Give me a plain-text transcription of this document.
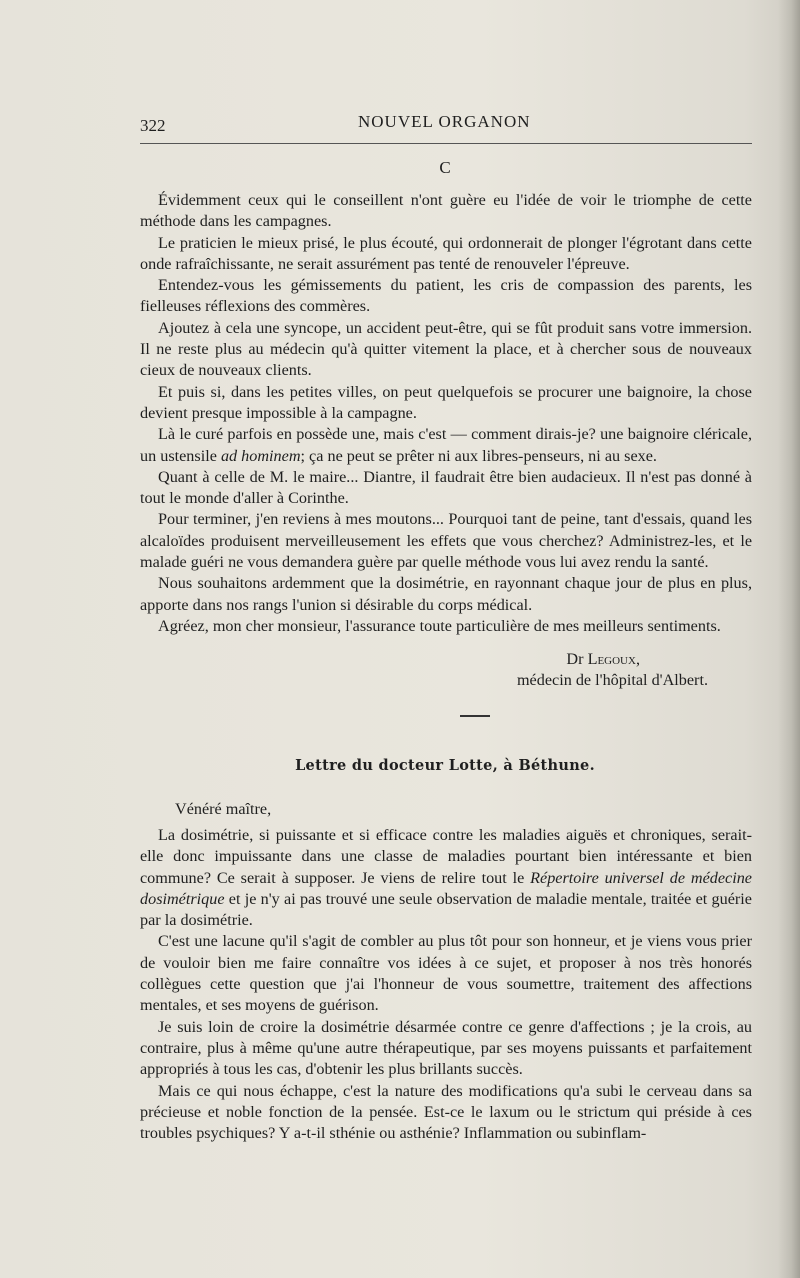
322	NOUVEL ORGANON
C

Évidemment ceux qui le conseillent n'ont guère eu l'idée de voir le triomphe de cette méthode dans les campagnes.

Le praticien le mieux prisé, le plus écouté, qui ordonnerait de plonger l'égrotant dans cette onde rafraîchissante, ne serait assurément pas tenté de renouveler l'épreuve.

Entendez-vous les gémissements du patient, les cris de compassion des parents, les fielleuses réflexions des commères.

Ajoutez à cela une syncope, un accident peut-être, qui se fût produit sans votre immersion. Il ne reste plus au médecin qu'à quitter vitement la place, et à chercher sous de nouveaux cieux de nouveaux clients.

Et puis si, dans les petites villes, on peut quelquefois se procurer une baignoire, la chose devient presque impossible à la campagne.

Là le curé parfois en possède une, mais c'est — comment dirais-je? une baignoire cléricale, un ustensile ad hominem; ça ne peut se prêter ni aux libres-penseurs, ni au sexe.

Quant à celle de M. le maire... Diantre, il faudrait être bien audacieux. Il n'est pas donné à tout le monde d'aller à Corinthe.

Pour terminer, j'en reviens à mes moutons... Pourquoi tant de peine, tant d'essais, quand les alcaloïdes produisent merveilleusement les effets que vous cherchez? Administrez-les, et le malade guéri ne vous demandera guère par quelle méthode vous lui avez rendu la santé.

Nous souhaitons ardemment que la dosimétrie, en rayonnant chaque jour de plus en plus, apporte dans nos rangs l'union si désirable du corps médical.

Agréez, mon cher monsieur, l'assurance toute particulière de mes meilleurs sentiments.

Dr Legoux,
médecin de l'hôpital d'Albert.
Lettre du docteur Lotte, à Béthune.
Vénéré maître,

La dosimétrie, si puissante et si efficace contre les maladies aiguës et chroniques, serait-elle donc impuissante dans une classe de maladies pourtant bien intéressante et bien commune? Ce serait à supposer. Je viens de relire tout le Répertoire universel de médecine dosimétrique et je n'y ai pas trouvé une seule observation de maladie mentale, traitée et guérie par la dosimétrie.

C'est une lacune qu'il s'agit de combler au plus tôt pour son honneur, et je viens vous prier de vouloir bien me faire connaître vos idées à ce sujet, et proposer à nos très honorés collègues cette question que j'ai l'honneur de vous soumettre, traitement des affections mentales, et ses moyens de guérison.

Je suis loin de croire la dosimétrie désarmée contre ce genre d'affections ; je la crois, au contraire, plus à même qu'une autre thérapeutique, par ses moyens puissants et parfaitement appropriés à tous les cas, d'obtenir les plus brillants succès.

Mais ce qui nous échappe, c'est la nature des modifications qu'a subi le cerveau dans sa précieuse et noble fonction de la pensée. Est-ce le laxum ou le strictum qui préside à ces troubles psychiques? Y a-t-il sthénie ou asthénie? Inflammation ou subinflam-
